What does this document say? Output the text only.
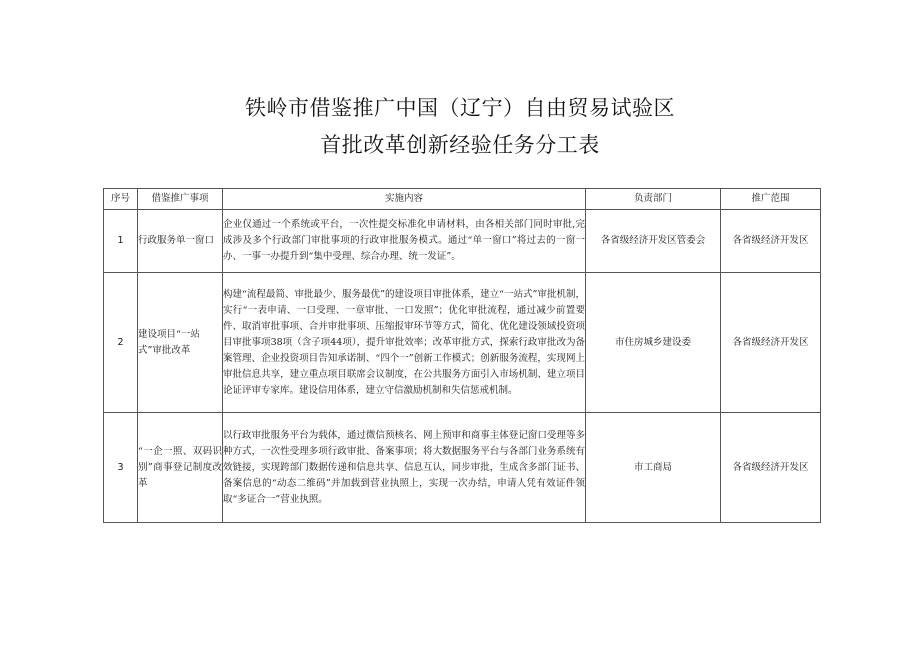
铁岭市借鉴推广中国（辽宁）自由贸易试验区
首批改革创新经验任务分工表
序号	借鉴推广事项	实施内容	负责部门	推广范围
1	行政服务单一窗口	企业仅通过一个系统或平台，一次性提交标准化申请材料，由各相关部门同时审批,完成涉及多个行政部门审批事项的行政审批服务模式。通过“单一窗口”将过去的一窗一办、一事一办提升到“集中受理、综合办理、统一发证”。	各省级经济开发区管委会	各省级经济开发区
2	建设项目“一站式”审批改革	构建“流程最简、审批最少、服务最优”的建设项目审批体系，建立“一站式”审批机制，实行“一表申请、一口受理、一章审批、一口发照”；优化审批流程，通过减少前置要件、取消审批事项、合并审批事项、压缩报审环节等方式，简化、优化建设领域投资项目审批事项38项（含子项44项），提升审批效率；改革审批方式，探索行政审批改为备案管理、企业投资项目告知承诺制、“四个一”创新工作模式；创新服务流程，实现网上审批信息共享，建立重点项目联席会议制度，在公共服务方面引入市场机制、建立项目论证评审专家库。建设信用体系，建立守信激励机制和失信惩戒机制。	市住房城乡建设委	各省级经济开发区
3	“一企一照、双码识别”商事登记制度改革	以行政审批服务平台为载体，通过微信预核名、网上预审和商事主体登记窗口受理等多种方式，一次性受理多项行政审批、备案事项；将大数据服务平台与各部门业务系统有效链接，实现跨部门数据传递和信息共享、信息互认，同步审批，生成含多部门证书、备案信息的“动态二维码”并加载到营业执照上，实现一次办结，申请人凭有效证件领取“多证合一”营业执照。	市工商局	各省级经济开发区
